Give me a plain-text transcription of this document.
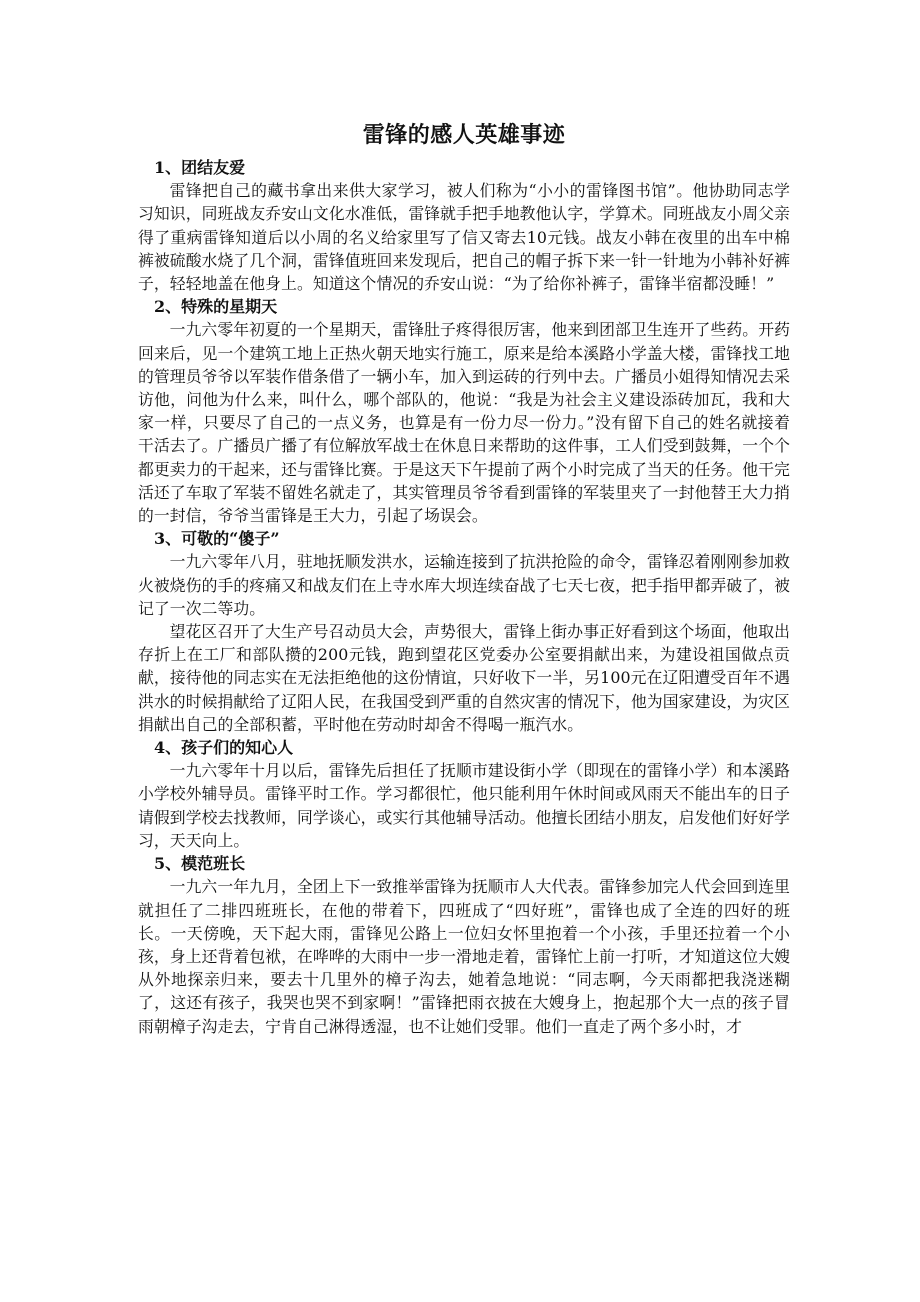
雷锋的感人英雄事迹

1、团结友爱

雷锋把自己的藏书拿出来供大家学习，被人们称为“小小的雷锋图书馆”。他协助同志学习知识，同班战友乔安山文化水准低，雷锋就手把手地教他认字，学算术。同班战友小周父亲得了重病雷锋知道后以小周的名义给家里写了信又寄去10元钱。战友小韩在夜里的出车中棉裤被硫酸水烧了几个洞，雷锋值班回来发现后，把自己的帽子拆下来一针一针地为小韩补好裤子，轻轻地盖在他身上。知道这个情况的乔安山说：“为了给你补裤子，雷锋半宿都没睡！”

2、特殊的星期天

一九六零年初夏的一个星期天，雷锋肚子疼得很厉害，他来到团部卫生连开了些药。开药回来后，见一个建筑工地上正热火朝天地实行施工，原来是给本溪路小学盖大楼，雷锋找工地的管理员爷爷以军装作借条借了一辆小车，加入到运砖的行列中去。广播员小姐得知情况去采访他，问他为什么来，叫什么，哪个部队的，他说：“我是为社会主义建设添砖加瓦，我和大家一样，只要尽了自己的一点义务，也算是有一份力尽一份力。”没有留下自己的姓名就接着干活去了。广播员广播了有位解放军战士在休息日来帮助的这件事，工人们受到鼓舞，一个个都更卖力的干起来，还与雷锋比赛。于是这天下午提前了两个小时完成了当天的任务。他干完活还了车取了军装不留姓名就走了，其实管理员爷爷看到雷锋的军装里夹了一封他替王大力捎的一封信，爷爷当雷锋是王大力，引起了场误会。

3、可敬的“傻子”

一九六零年八月，驻地抚顺发洪水，运输连接到了抗洪抢险的命令，雷锋忍着刚刚参加救火被烧伤的手的疼痛又和战友们在上寺水库大坝连续奋战了七天七夜，把手指甲都弄破了，被记了一次二等功。

望花区召开了大生产号召动员大会，声势很大，雷锋上街办事正好看到这个场面，他取出存折上在工厂和部队攒的200元钱，跑到望花区党委办公室要捐献出来，为建设祖国做点贡献，接待他的同志实在无法拒绝他的这份情谊，只好收下一半，另100元在辽阳遭受百年不遇洪水的时候捐献给了辽阳人民，在我国受到严重的自然灾害的情况下，他为国家建设，为灾区捐献出自己的全部积蓄，平时他在劳动时却舍不得喝一瓶汽水。

4、孩子们的知心人

一九六零年十月以后，雷锋先后担任了抚顺市建设街小学（即现在的雷锋小学）和本溪路小学校外辅导员。雷锋平时工作。学习都很忙，他只能利用午休时间或风雨天不能出车的日子请假到学校去找教师，同学谈心，或实行其他辅导活动。他擅长团结小朋友，启发他们好好学习，天天向上。

5、模范班长

一九六一年九月，全团上下一致推举雷锋为抚顺市人大代表。雷锋参加完人代会回到连里就担任了二排四班班长，在他的带着下，四班成了“四好班”，雷锋也成了全连的四好的班长。一天傍晚，天下起大雨，雷锋见公路上一位妇女怀里抱着一个小孩，手里还拉着一个小孩，身上还背着包袱，在哗哗的大雨中一步一滑地走着，雷锋忙上前一打听，才知道这位大嫂从外地探亲归来，要去十几里外的樟子沟去，她着急地说：“同志啊，今天雨都把我浇迷糊了，这还有孩子，我哭也哭不到家啊！”雷锋把雨衣披在大嫂身上，抱起那个大一点的孩子冒雨朝樟子沟走去，宁肯自己淋得透湿，也不让她们受罪。他们一直走了两个多小时，才
